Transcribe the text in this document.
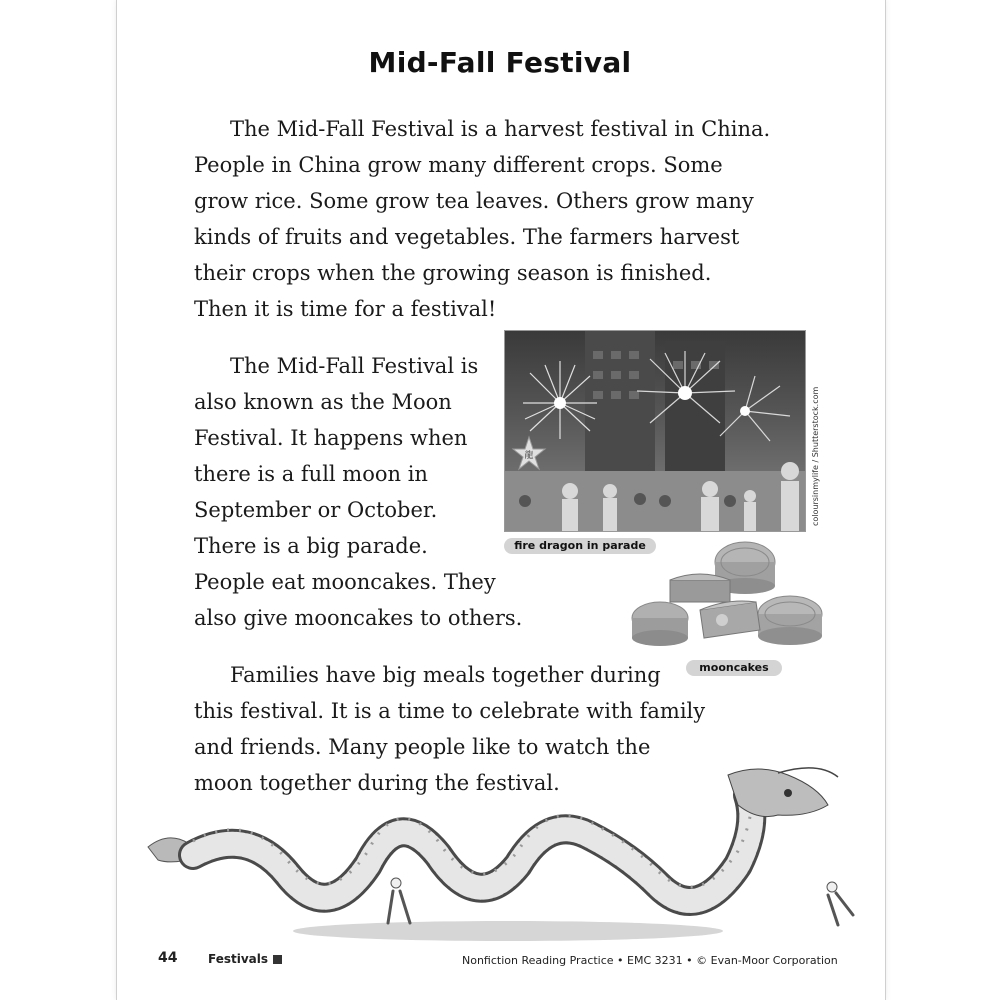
Mid-Fall Festival
The Mid-Fall Festival is a harvest festival in China.
People in China grow many different crops. Some
grow rice. Some grow tea leaves. Others grow many
kinds of fruits and vegetables. The farmers harvest
their crops when the growing season is finished.
Then it is time for a festival!
The Mid-Fall Festival is
also known as the Moon
Festival. It happens when
there is a full moon in
September or October.
There is a big parade.
People eat mooncakes. They
also give mooncakes to others.
Families have big meals together during
this festival. It is a time to celebrate with family
and friends. Many people like to watch the
moon together during the festival.
龍	coloursinmylife / Shutterstock.com
fire dragon in parade
mooncakes
44	Festivals	Nonfiction Reading Practice • EMC 3231 • © Evan-Moor Corporation
